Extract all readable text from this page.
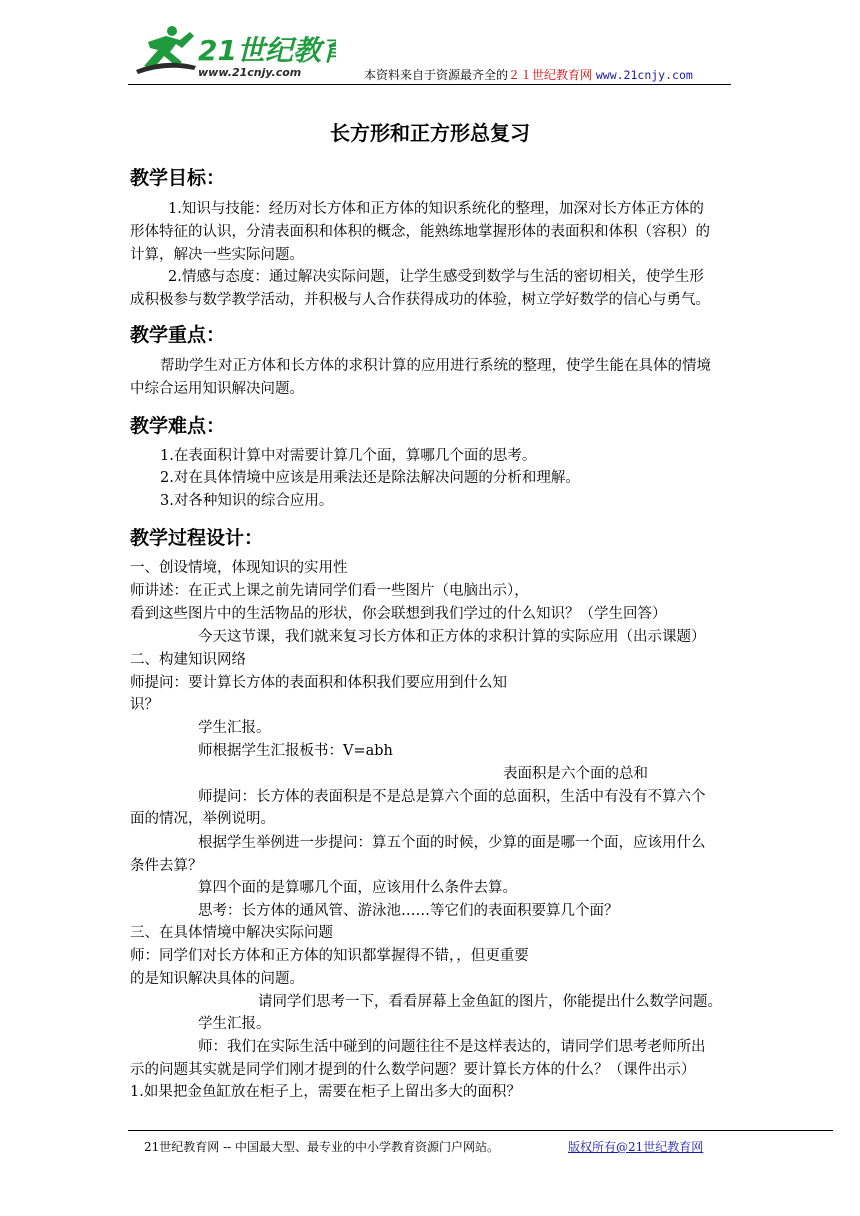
21世纪教育
www.21cnjy.com	本资料来自于资源最齐全的２１世纪教育网 www.21cnjy.com
长方形和正方形总复习
教学目标：
1.知识与技能：经历对长方体和正方体的知识系统化的整理，加深对长方体正方体的
形体特征的认识，分清表面积和体积的概念，能熟练地掌握形体的表面积和体积（容积）的
计算，解决一些实际问题。
2.情感与态度：通过解决实际问题，让学生感受到数学与生活的密切相关，使学生形
成积极参与数学教学活动，并积极与人合作获得成功的体验，树立学好数学的信心与勇气。
教学重点：
帮助学生对正方体和长方体的求积计算的应用进行系统的整理，使学生能在具体的情境
中综合运用知识解决问题。
教学难点：
1.在表面积计算中对需要计算几个面，算哪几个面的思考。
2.对在具体情境中应该是用乘法还是除法解决问题的分析和理解。
3.对各种知识的综合应用。
教学过程设计：
一、创设情境，体现知识的实用性
师讲述：在正式上课之前先请同学们看一些图片（电脑出示），
看到这些图片中的生活物品的形状，你会联想到我们学过的什么知识？（学生回答）
今天这节课，我们就来复习长方体和正方体的求积计算的实际应用（出示课题）
二、构建知识网络
师提问：要计算长方体的表面积和体积我们要应用到什么知
识？
学生汇报。
师根据学生汇报板书：V=abh
表面积是六个面的总和
师提问：长方体的表面积是不是总是算六个面的总面积，生活中有没有不算六个
面的情况，举例说明。
根据学生举例进一步提问：算五个面的时候，少算的面是哪一个面，应该用什么
条件去算？
算四个面的是算哪几个面，应该用什么条件去算。
思考：长方体的通风管、游泳池……等它们的表面积要算几个面？
三、在具体情境中解决实际问题
师：同学们对长方体和正方体的知识都掌握得不错，，但更重要
的是知识解决具体的问题。
请同学们思考一下，看看屏幕上金鱼缸的图片，你能提出什么数学问题。
学生汇报。
师：我们在实际生活中碰到的问题往往不是这样表达的，请同学们思考老师所出
示的问题其实就是同学们刚才提到的什么数学问题？要计算长方体的什么？（课件出示）
1.如果把金鱼缸放在柜子上，需要在柜子上留出多大的面积？
21世纪教育网 -- 中国最大型、最专业的中小学教育资源门户网站。	版权所有@21世纪教育网
